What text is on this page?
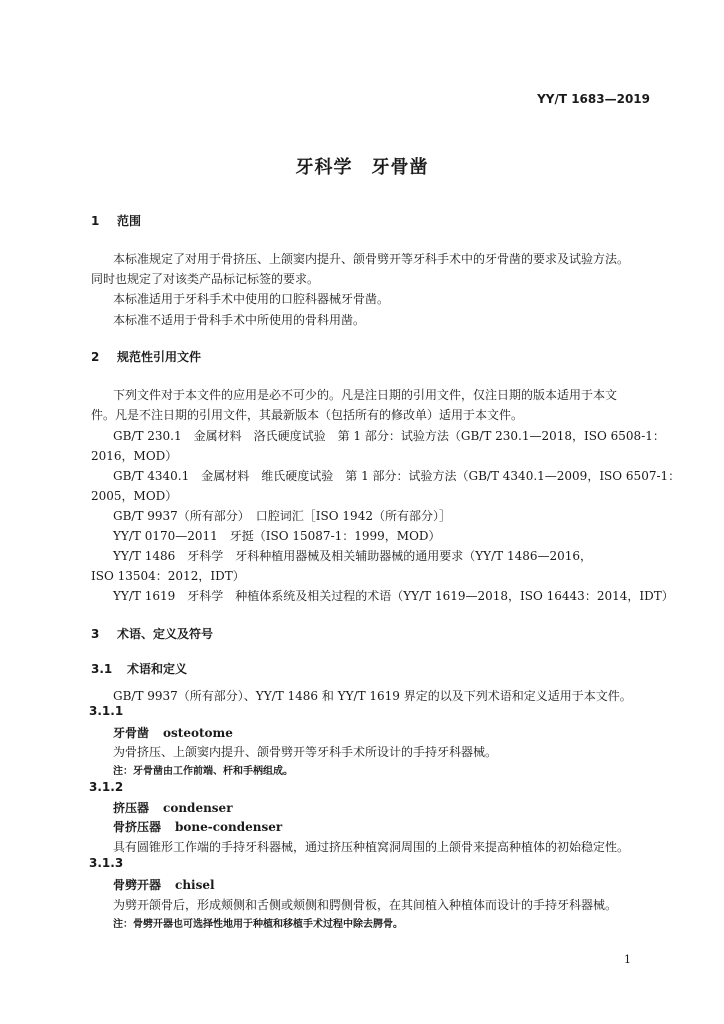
YY/T 1683—2019
牙科学　牙骨凿
1 范围
本标准规定了对用于骨挤压、上颌窦内提升、颌骨劈开等牙科手术中的牙骨凿的要求及试验方法。
同时也规定了对该类产品标记标签的要求。
本标准适用于牙科手术中使用的口腔科器械牙骨凿。
本标准不适用于骨科手术中所使用的骨科用凿。
2 规范性引用文件
下列文件对于本文件的应用是必不可少的。凡是注日期的引用文件，仅注日期的版本适用于本文
件。凡是不注日期的引用文件，其最新版本（包括所有的修改单）适用于本文件。
GB/T 230.1　金属材料　洛氏硬度试验　第 1 部分：试验方法（GB/T 230.1—2018，ISO 6508-1：
2016，MOD）
GB/T 4340.1　金属材料　维氏硬度试验　第 1 部分：试验方法（GB/T 4340.1—2009，ISO 6507-1：
2005，MOD）
GB/T 9937（所有部分）　口腔词汇［ISO 1942（所有部分）］
YY/T 0170—2011　牙挺（ISO 15087-1：1999，MOD）
YY/T 1486　牙科学　牙科种植用器械及相关辅助器械的通用要求（YY/T 1486—2016，
ISO 13504：2012，IDT）
YY/T 1619　牙科学　种植体系统及相关过程的术语（YY/T 1619—2018，ISO 16443：2014，IDT）
3 术语、定义及符号
3.1 术语和定义
GB/T 9937（所有部分）、YY/T 1486 和 YY/T 1619 界定的以及下列术语和定义适用于本文件。
3.1.1
牙骨凿 osteotome
为骨挤压、上颌窦内提升、颌骨劈开等牙科手术所设计的手持牙科器械。
注：牙骨凿由工作前端、杆和手柄组成。
3.1.2
挤压器 condenser
骨挤压器 bone-condenser
具有圆锥形工作端的手持牙科器械，通过挤压种植窝洞周围的上颌骨来提高种植体的初始稳定性。
3.1.3
骨劈开器 chisel
为劈开颌骨后，形成颊侧和舌侧或颊侧和腭侧骨板，在其间植入种植体而设计的手持牙科器械。
注：骨劈开器也可选择性地用于种植和移植手术过程中除去腭骨。
1
